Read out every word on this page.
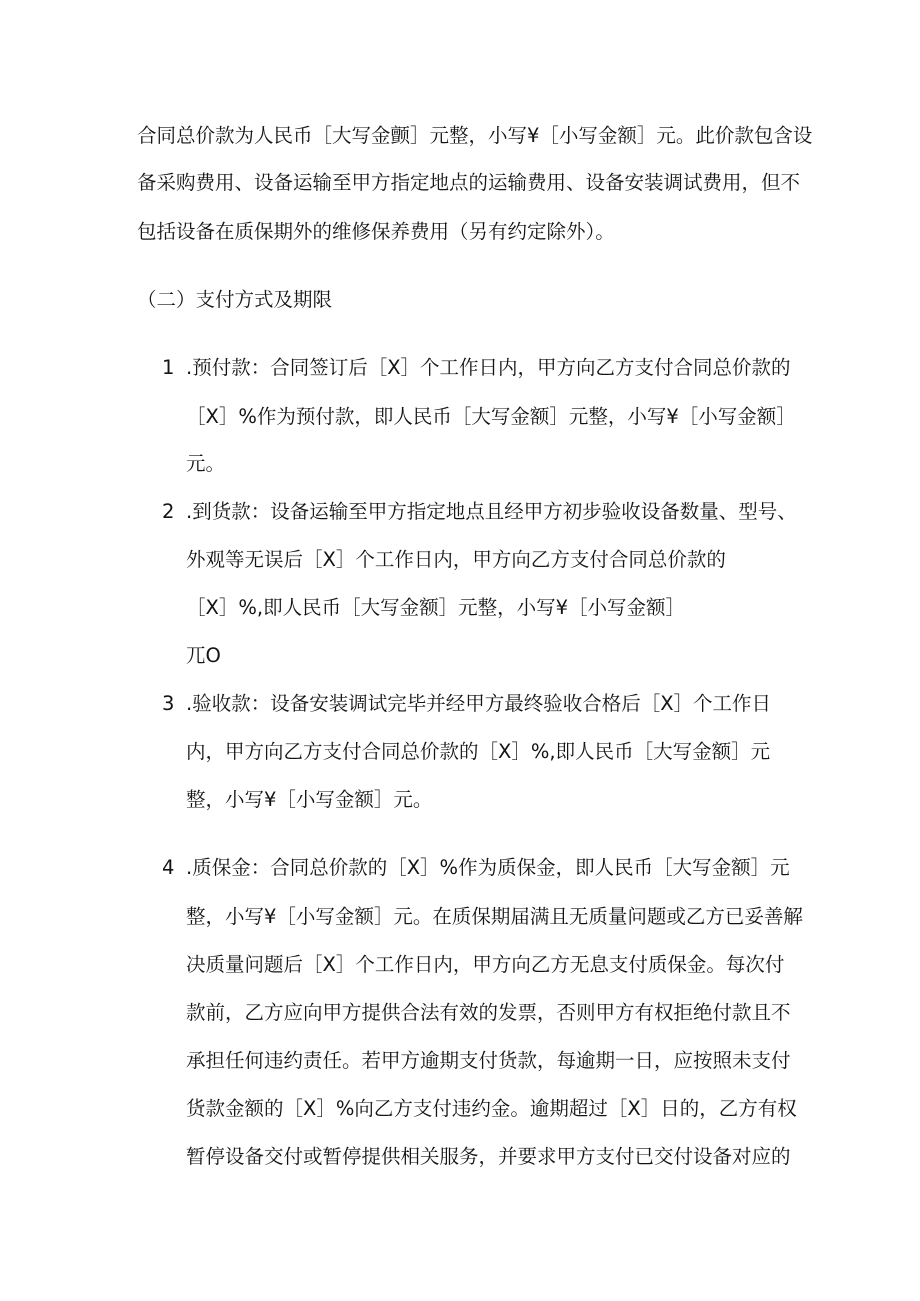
合同总价款为人民币［大写金颤］元整，小写¥［小写金额］元。此价款包含设
备采购费用、设备运输至甲方指定地点的运输费用、设备安装调试费用，但不
包括设备在质保期外的维修保养费用（另有约定除外）。
（二）支付方式及期限
1 .预付款：合同签订后［X］个工作日内，甲方向乙方支付合同总价款的
［X］%作为预付款，即人民币［大写金额］元整，小写¥［小写金额］
元。
2 .到货款：设备运输至甲方指定地点且经甲方初步验收设备数量、型号、
外观等无误后［X］个工作日内，甲方向乙方支付合同总价款的
［X］%,即人民币［大写金额］元整，小写¥［小写金额］
兀O
3 .验收款：设备安装调试完毕并经甲方最终验收合格后［X］个工作日
内，甲方向乙方支付合同总价款的［X］%,即人民币［大写金额］元
整，小写¥［小写金额］元。
4 .质保金：合同总价款的［X］%作为质保金，即人民币［大写金额］元
整，小写¥［小写金额］元。在质保期届满且无质量问题或乙方已妥善解
决质量问题后［X］个工作日内，甲方向乙方无息支付质保金。每次付
款前，乙方应向甲方提供合法有效的发票，否则甲方有权拒绝付款且不
承担任何违约责任。若甲方逾期支付货款，每逾期一日，应按照未支付
货款金额的［X］%向乙方支付违约金。逾期超过［X］日的，乙方有权
暂停设备交付或暂停提供相关服务，并要求甲方支付已交付设备对应的
